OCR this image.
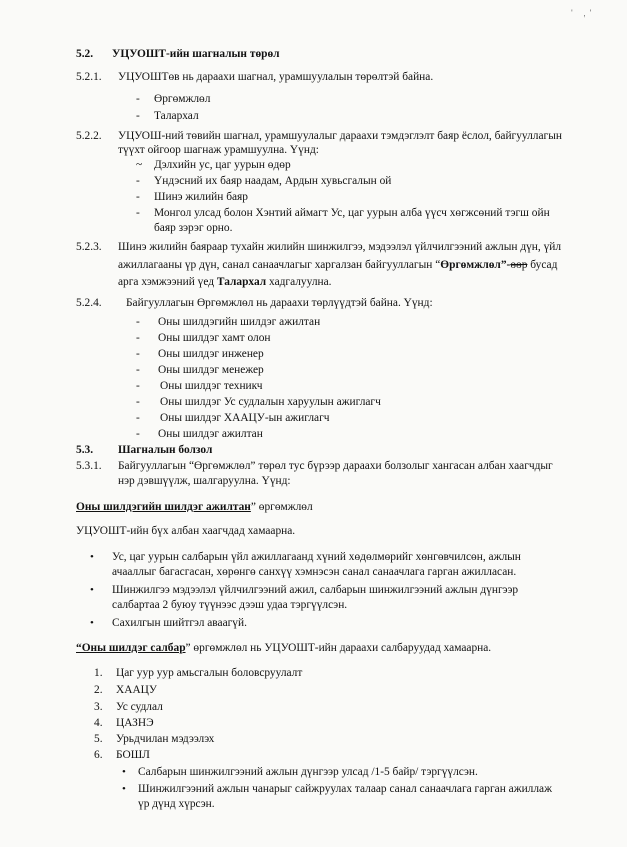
' ,ʹ
5.2. УЦУОШТ-ийн шагналын төрөл
5.2.1. УЦУОШТөв нь дараахи шагнал, урамшуулалын төрөлтэй байна.
- Өргөмжлөл
- Талархал
5.2.2. УЦУОШ-ний төвийн шагнал, урамшуулалыг дараахи тэмдэглэлт баяр ёслол, байгууллагын
түүхт ойгоор шагнаж урамшуулна. Үүнд:
~ Дэлхийн ус, цаг уурын өдөр
- Үндэсний их баяр наадам, Ардын хувьсгалын ой
- Шинэ жилийн баяр
- Монгол улсад болон Хэнтий аймагт Ус, цаг уурын алба үүсч хөгжсөний тэгш ойн
баяр зэрэг орно.
5.2.3. Шинэ жилийн баяраар тухайн жилийн шинжилгээ, мэдээлэл үйлчилгээний ажлын дүн, үйл
ажиллагааны үр дүн, санал санаачлагыг харгалзан байгууллагын “Өргөмжлөл”-өөр бусад
арга хэмжээний үед Талархал хадгалуулна.
5.2.4. Байгууллагын Өргөмжлөл нь дараахи төрлүүдтэй байна. Үүнд:
- Оны шилдэгийн шилдэг ажилтан
- Оны шилдэг хамт олон
- Оны шилдэг инженер
- Оны шилдэг менежер
- Оны шилдэг техникч
- Оны шилдэг Ус судлалын харуулын ажиглагч
- Оны шилдэг ХААЦУ-ын ажиглагч
- Оны шилдэг ажилтан
5.3. Шагналын болзол
5.3.1. Байгууллагын “Өргөмжлөл” төрөл тус бүрээр дараахи болзолыг хангасан албан хаагчдыг
нэр дэвшүүлж, шалгаруулна. Үүнд:
Оны шилдэгийн шилдэг ажилтан” өргөмжлөл
УЦУОШТ-ийн бүх албан хаагчдад хамаарна.
• Ус, цаг уурын салбарын үйл ажиллагаанд хүний хөдөлмөрийг хөнгөвчилсөн, ажлын
ачааллыг багасгасан, хөрөнгө санхүү хэмнэсэн санал санаачлага гарган ажилласан.
• Шинжилгээ мэдээлэл үйлчилгээний ажил, салбарын шинжилгээний ажлын дүнгээр
салбартаа 2 буюу түүнээс дээш удаа тэргүүлсэн.
• Сахилгын шийтгэл аваагүй.
“Оны шилдэг салбар” өргөмжлөл нь УЦУОШТ-ийн дараахи салбаруудад хамаарна.
1. Цаг уур уур амьсгалын боловсруулалт
2. ХААЦУ
3. Ус судлал
4. ЦАЗНЭ
5. Урьдчилан мэдээлэх
6. БОШЛ
• Салбарын шинжилгээний ажлын дүнгээр улсад /1-5 байр/ тэргүүлсэн.
• Шинжилгээний ажлын чанарыг сайжруулах талаар санал санаачлага гарган ажиллаж
үр дүнд хүрсэн.
